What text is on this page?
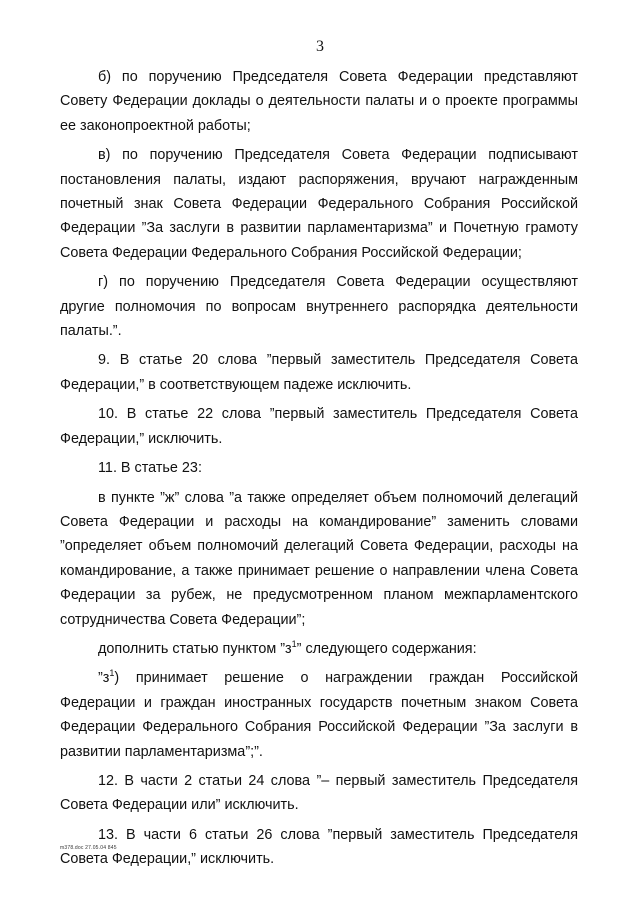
3

б) по поручению Председателя Совета Федерации представляют Совету Федерации доклады о деятельности палаты и о проекте программы ее законопроектной работы;

в) по поручению Председателя Совета Федерации подписывают постановления палаты, издают распоряжения, вручают награжденным почетный знак Совета Федерации Федерального Собрания Российской Федерации ”За заслуги в развитии парламентаризма” и Почетную грамоту Совета Федерации Федерального Собрания Российской Федерации;

г) по поручению Председателя Совета Федерации осуществляют другие полномочия по вопросам внутреннего распорядка деятельности палаты.”.

9. В статье 20 слова ”первый заместитель Председателя Совета Федерации,” в соответствующем падеже исключить.

10. В статье 22 слова ”первый заместитель Председателя Совета Федерации,” исключить.

11. В статье 23:

в пункте ”ж” слова ”а также определяет объем полномочий делегаций Совета Федерации и расходы на командирование” заменить словами ”определяет объем полномочий делегаций Совета Федерации, расходы на командирование, а также принимает решение о направлении члена Совета Федерации за рубеж, не предусмотренном планом межпарламентского сотрудничества Совета Федерации”;

дополнить статью пунктом $”з^1$” следующего содержания:

$”з^1$) принимает решение о награждении граждан Российской Федерации и граждан иностранных государств почетным знаком Совета Федерации Федерального Собрания Российской Федерации ”За заслуги в развитии парламентаризма”;”.

12. В части 2 статьи 24 слова ”– первый заместитель Председателя Совета Федерации или” исключить.

13. В части 6 статьи 26 слова ”первый заместитель Председателя Совета Федерации,” исключить.

m378.doc 27.05.04 845
